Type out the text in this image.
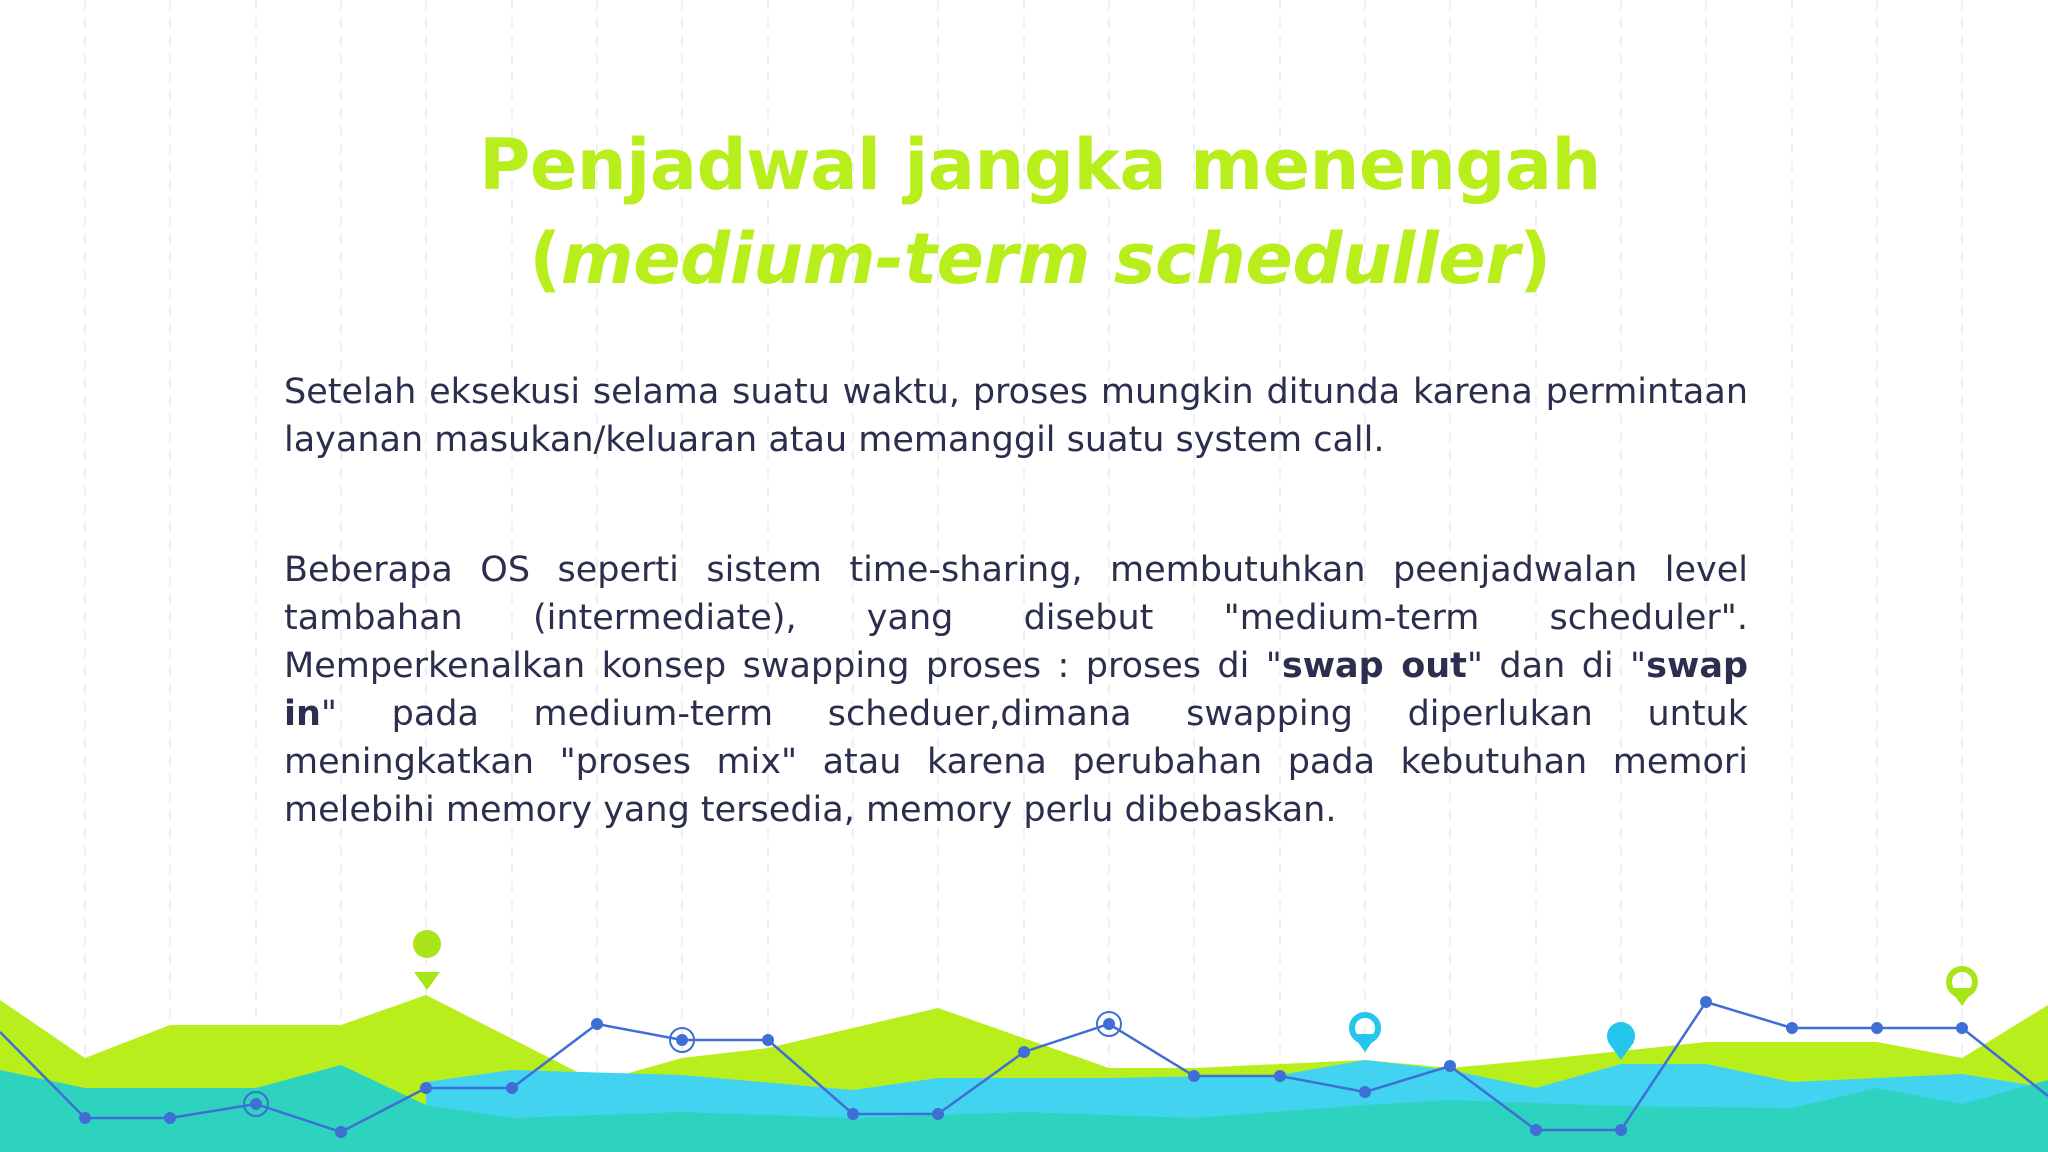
Penjadwal jangka menengah
(medium-term scheduller)

Setelah eksekusi selama suatu waktu, proses mungkin ditunda karena permintaan layanan masukan/keluaran atau memanggil suatu system call.

Beberapa OS seperti sistem time-sharing, membutuhkan peenjadwalan level tambahan (intermediate), yang disebut "medium-term scheduler". Memperkenalkan konsep swapping proses : proses di "swap out" dan di "swap in" pada medium-term scheduer,dimana swapping diperlukan untuk meningkatkan "proses mix" atau karena perubahan pada kebutuhan memori melebihi memory yang tersedia, memory perlu dibebaskan.
